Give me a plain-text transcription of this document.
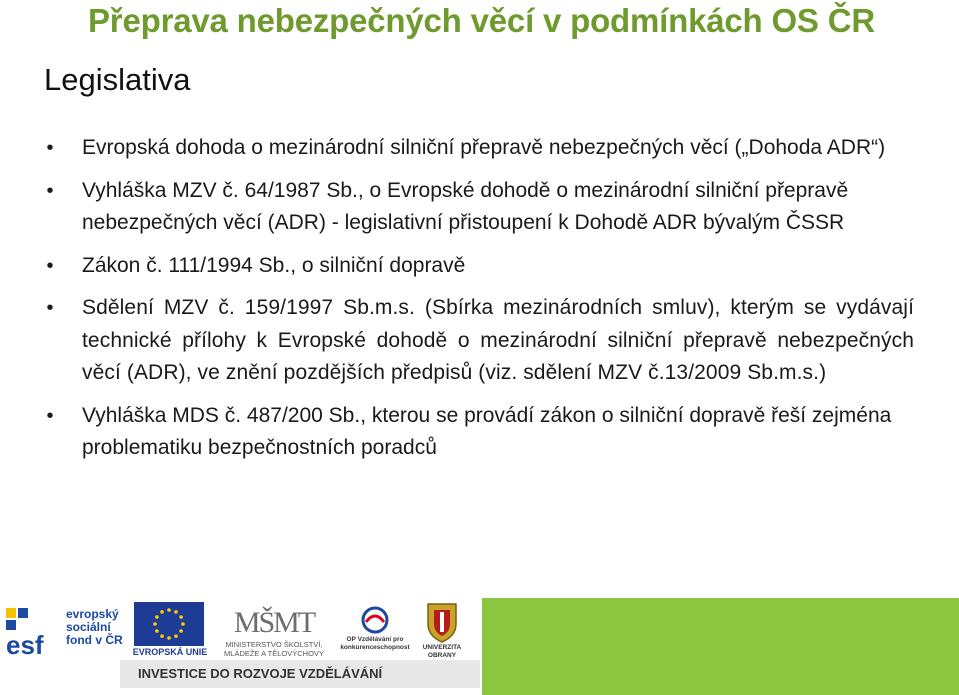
Přeprava nebezpečných věcí v podmínkách OS ČR
Legislativa
• Evropská dohoda o mezinárodní silniční přepravě nebezpečných věcí („Dohoda ADR“)
• Vyhláška MZV č. 64/1987 Sb., o Evropské dohodě o mezinárodní silniční přepravě nebezpečných věcí (ADR) - legislativní přistoupení k Dohodě ADR bývalým ČSSR
• Zákon č. 111/1994 Sb., o silniční dopravě
• Sdělení MZV č. 159/1997 Sb.m.s. (Sbírka mezinárodních smluv), kterým se vydávají technické přílohy k Evropské dohodě o mezinárodní silniční přepravě nebezpečných věcí (ADR), ve znění pozdějších předpisů (viz. sdělení MZV č.13/2009 Sb.m.s.)
• Vyhláška MDS č. 487/200 Sb., kterou se provádí zákon o silniční dopravě řeší zejména problematiku bezpečnostních poradců
esf
evropský
sociální
fond v ČR
EVROPSKÁ UNIE
MŠMT
MINISTERSTVO ŠKOLSTVÍ, MLÁDEŽE A TĚLOVÝCHOVY
OP Vzdělávání pro konkurenceschopnost	UNIVERZITA OBRANY
INVESTICE DO ROZVOJE VZDĚLÁVÁNÍ
